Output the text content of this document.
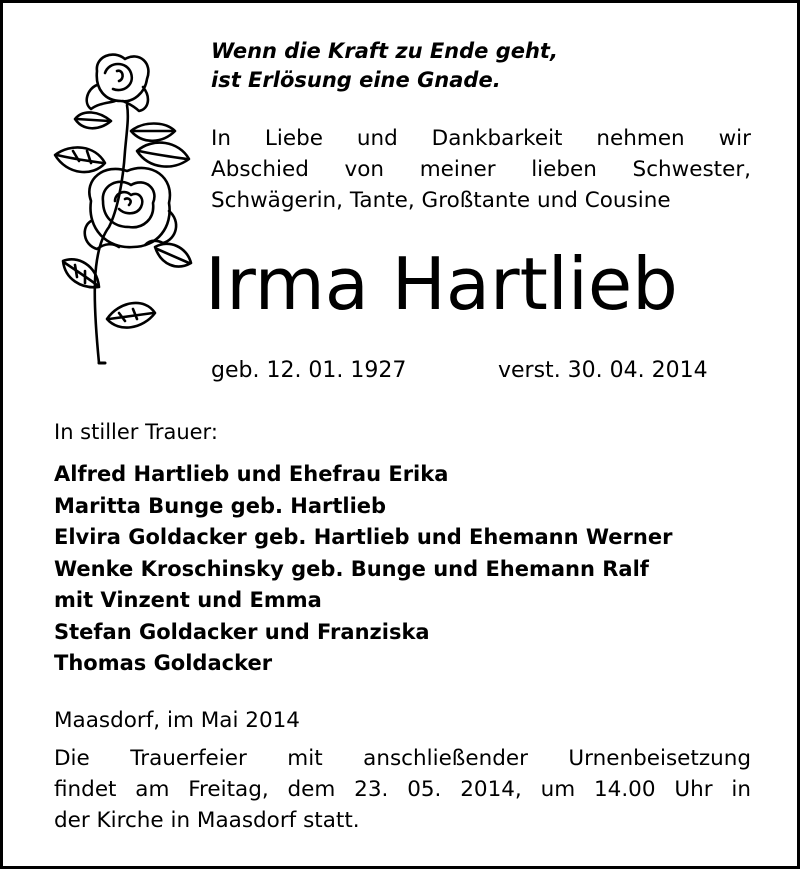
Wenn die Kraft zu Ende geht,
ist Erlösung eine Gnade.
In Liebe und Dankbarkeit nehmen wir
Abschied von meiner lieben Schwester,
Schwägerin, Tante, Großtante und Cousine
Irma Hartlieb
geb. 12. 01. 1927	verst. 30. 04. 2014
In stiller Trauer:
Alfred Hartlieb und Ehefrau Erika
Maritta Bunge geb. Hartlieb
Elvira Goldacker geb. Hartlieb und Ehemann Werner
Wenke Kroschinsky geb. Bunge und Ehemann Ralf
mit Vinzent und Emma
Stefan Goldacker und Franziska
Thomas Goldacker
Maasdorf, im Mai 2014
Die Trauerfeier mit anschließender Urnenbeisetzung
findet am Freitag, dem 23. 05. 2014, um 14.00 Uhr in
der Kirche in Maasdorf statt.
